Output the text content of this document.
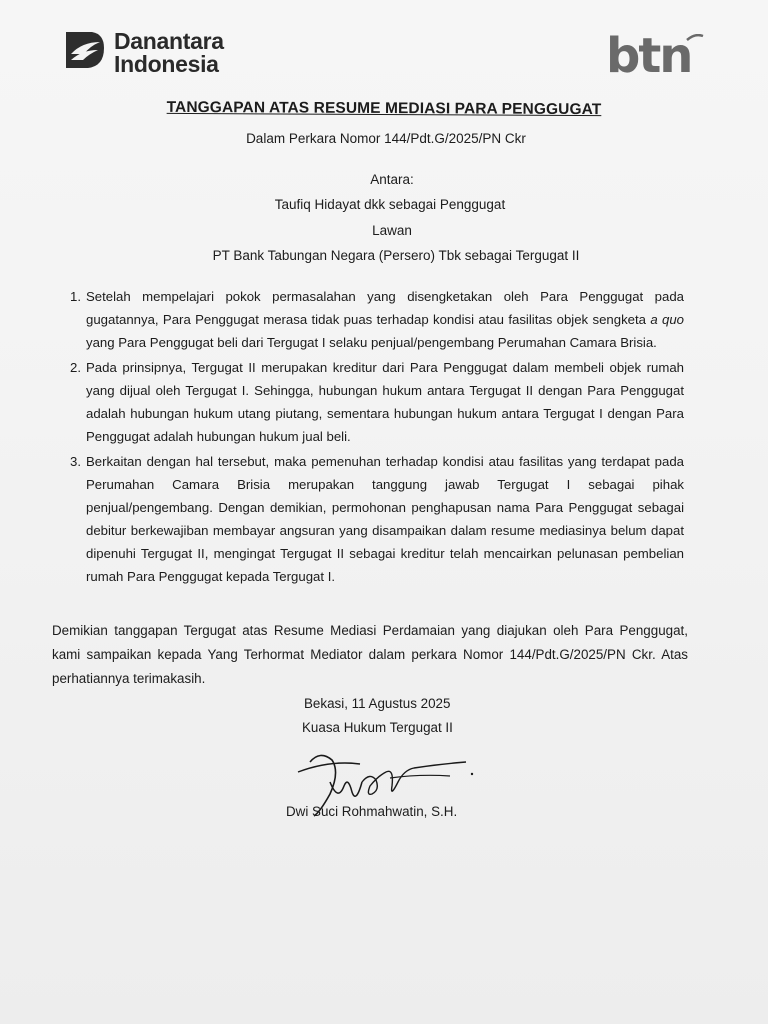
Danantara
Indonesia	btn
TANGGAPAN ATAS RESUME MEDIASI PARA PENGGUGAT
Dalam Perkara Nomor 144/Pdt.G/2025/PN Ckr
Antara:
Taufiq Hidayat dkk sebagai Penggugat
Lawan
PT Bank Tabungan Negara (Persero) Tbk sebagai Tergugat II
1. Setelah mempelajari pokok permasalahan yang disengketakan oleh Para Penggugat pada gugatannya, Para Penggugat merasa tidak puas terhadap kondisi atau fasilitas objek sengketa a quo yang Para Penggugat beli dari Tergugat I selaku penjual/pengembang Perumahan Camara Brisia.
2. Pada prinsipnya, Tergugat II merupakan kreditur dari Para Penggugat dalam membeli objek rumah yang dijual oleh Tergugat I. Sehingga, hubungan hukum antara Tergugat II dengan Para Penggugat adalah hubungan hukum utang piutang, sementara hubungan hukum antara Tergugat I dengan Para Penggugat adalah hubungan hukum jual beli.
3. Berkaitan dengan hal tersebut, maka pemenuhan terhadap kondisi atau fasilitas yang terdapat pada Perumahan Camara Brisia merupakan tanggung jawab Tergugat I sebagai pihak penjual/pengembang. Dengan demikian, permohonan penghapusan nama Para Penggugat sebagai debitur berkewajiban membayar angsuran yang disampaikan dalam resume mediasinya belum dapat dipenuhi Tergugat II, mengingat Tergugat II sebagai kreditur telah mencairkan pelunasan pembelian rumah Para Penggugat kepada Tergugat I.
Demikian tanggapan Tergugat atas Resume Mediasi Perdamaian yang diajukan oleh Para Penggugat, kami sampaikan kepada Yang Terhormat Mediator dalam perkara Nomor 144/Pdt.G/2025/PN Ckr. Atas perhatiannya terimakasih.
Bekasi, 11 Agustus 2025
Kuasa Hukum Tergugat II
Dwi Suci Rohmahwatin, S.H.
